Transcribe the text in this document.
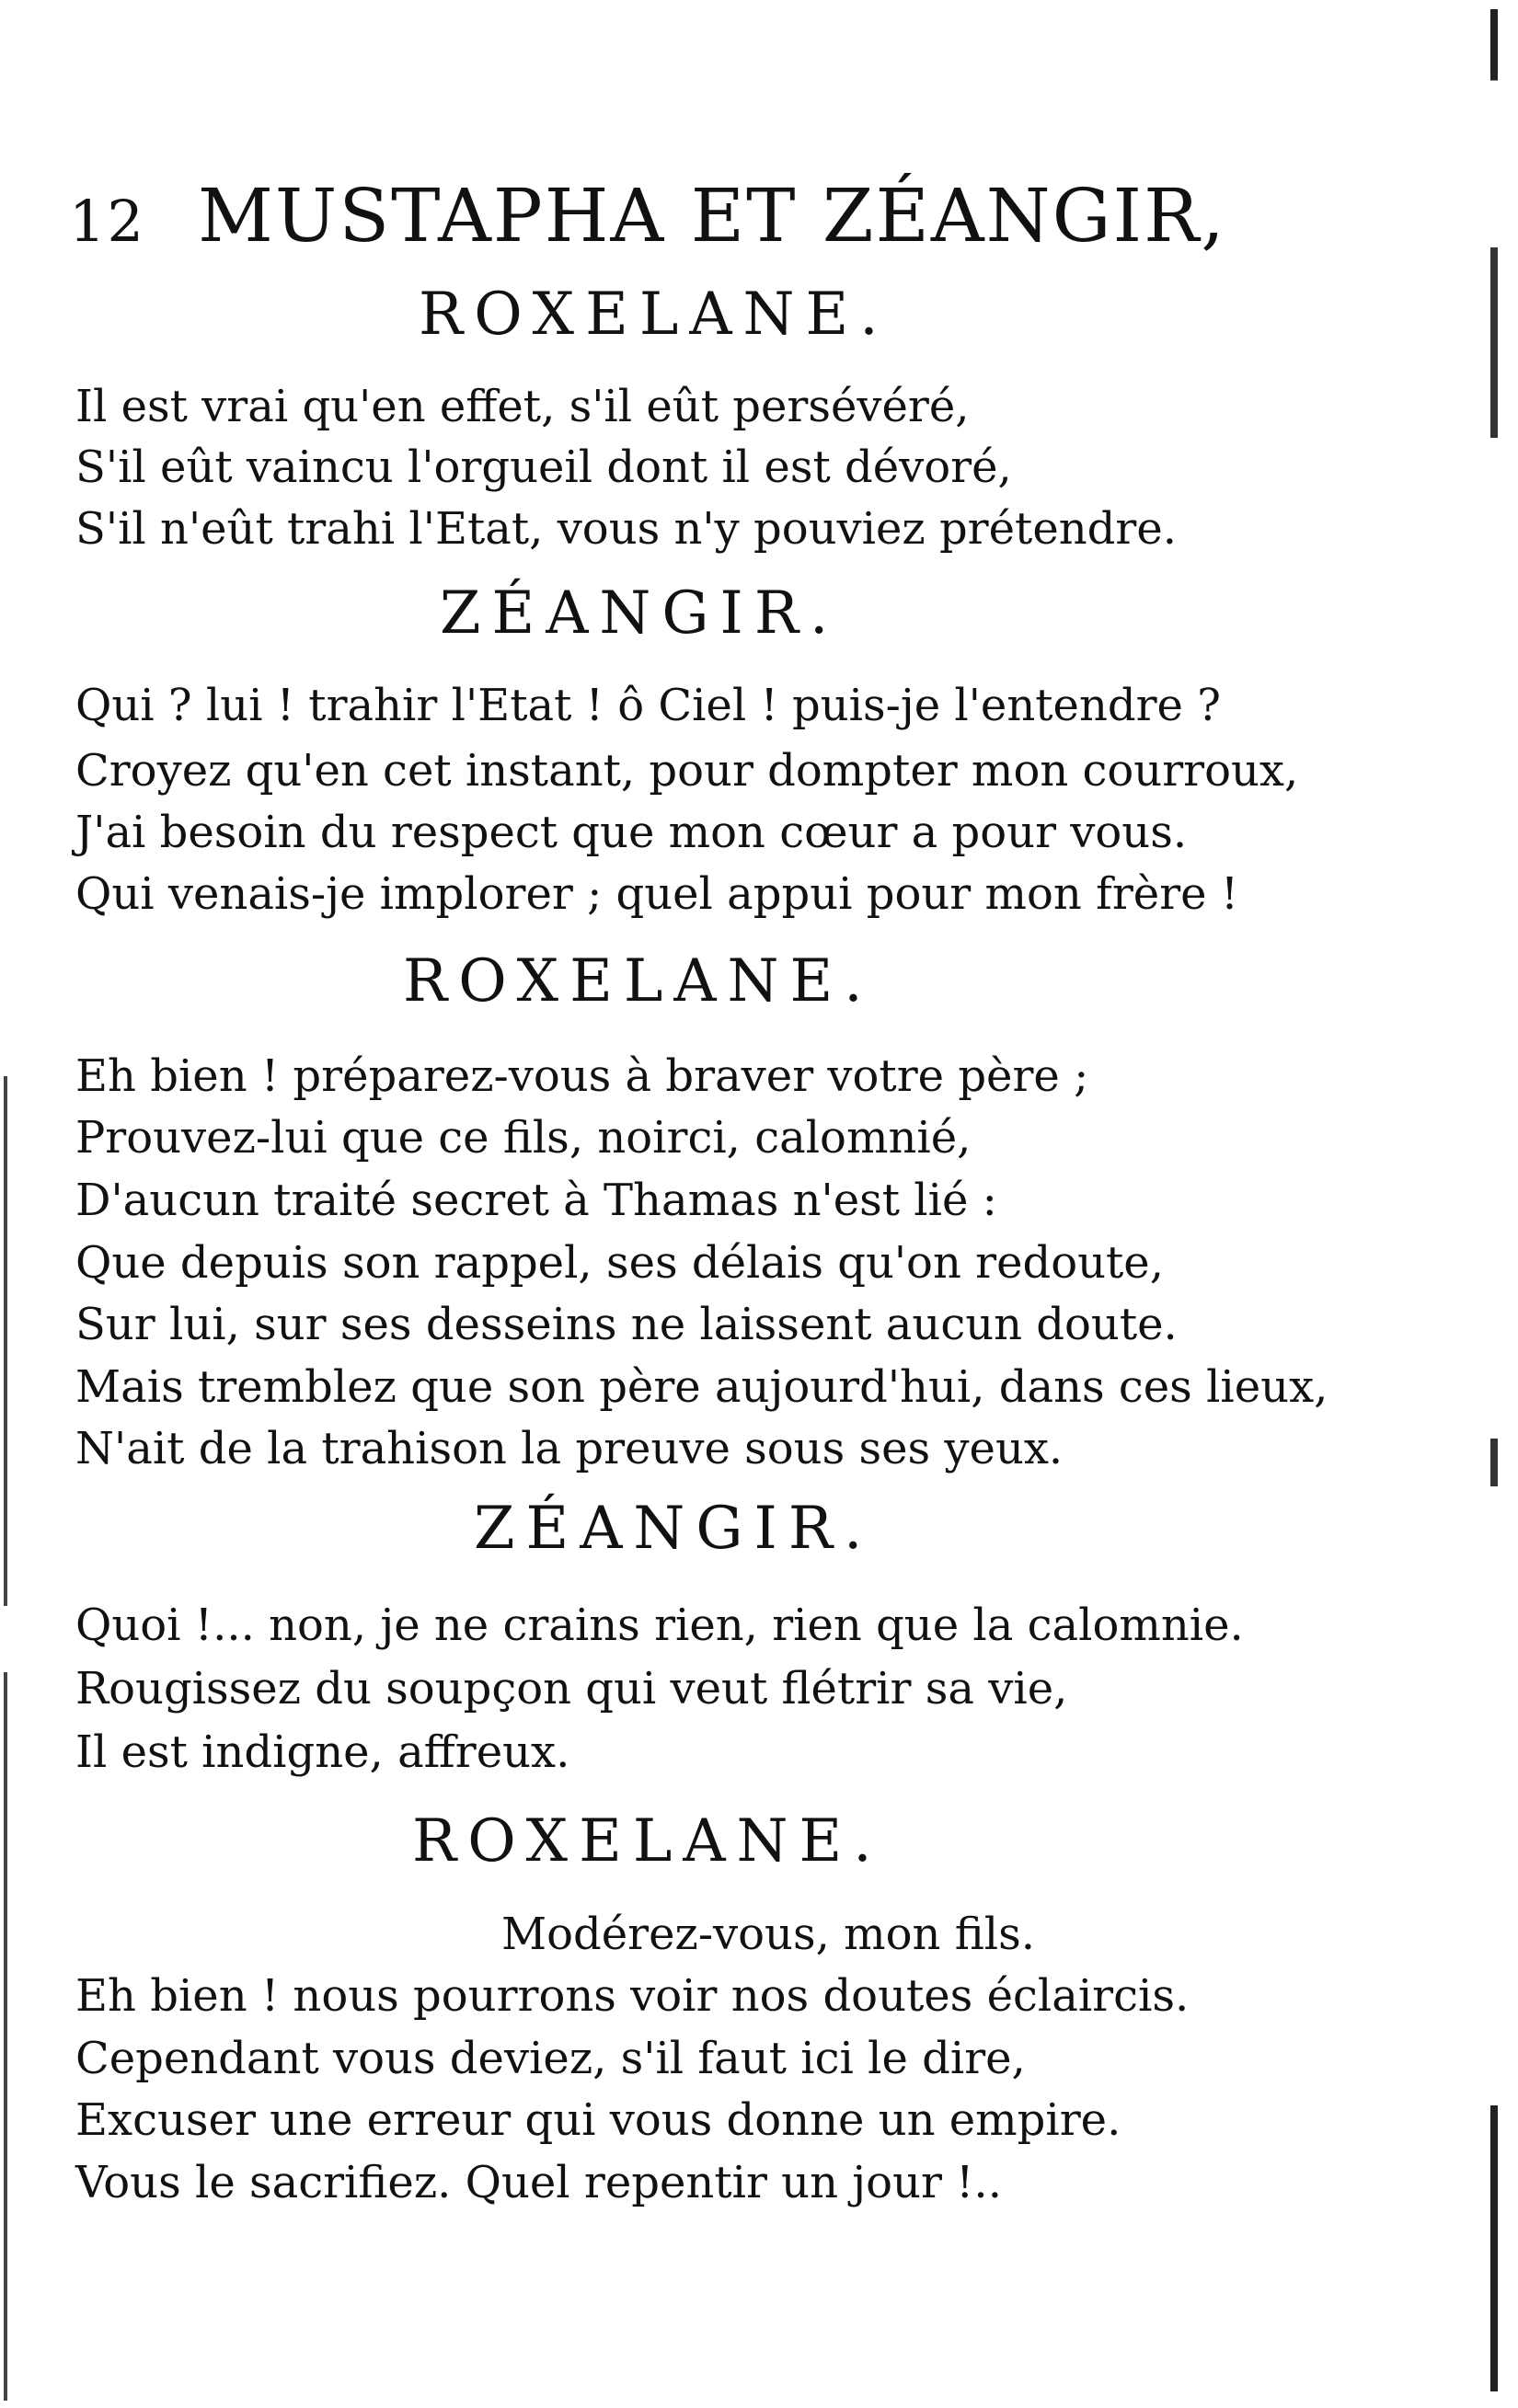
12 MUSTAPHA ET ZÉANGIR,
ROXELANE.
Il est vrai qu'en effet, s'il eût persévéré,
S'il eût vaincu l'orgueil dont il est dévoré,
S'il n'eût trahi l'Etat, vous n'y pouviez prétendre.
ZÉANGIR.
Qui ? lui ! trahir l'Etat ! ô Ciel ! puis-je l'entendre ?
Croyez qu'en cet instant, pour dompter mon courroux,
J'ai besoin du respect que mon cœur a pour vous.
Qui venais-je implorer ; quel appui pour mon frère !
ROXELANE.
Eh bien ! préparez-vous à braver votre père ;
Prouvez-lui que ce fils, noirci, calomnié,
D'aucun traité secret à Thamas n'est lié :
Que depuis son rappel, ses délais qu'on redoute,
Sur lui, sur ses desseins ne laissent aucun doute.
Mais tremblez que son père aujourd'hui, dans ces lieux,
N'ait de la trahison la preuve sous ses yeux.
ZÉANGIR.
Quoi !... non, je ne crains rien, rien que la calomnie.
Rougissez du soupçon qui veut flétrir sa vie,
Il est indigne, affreux.
ROXELANE.
Modérez-vous, mon fils.
Eh bien ! nous pourrons voir nos doutes éclaircis.
Cependant vous deviez, s'il faut ici le dire,
Excuser une erreur qui vous donne un empire.
Vous le sacrifiez. Quel repentir un jour !..
